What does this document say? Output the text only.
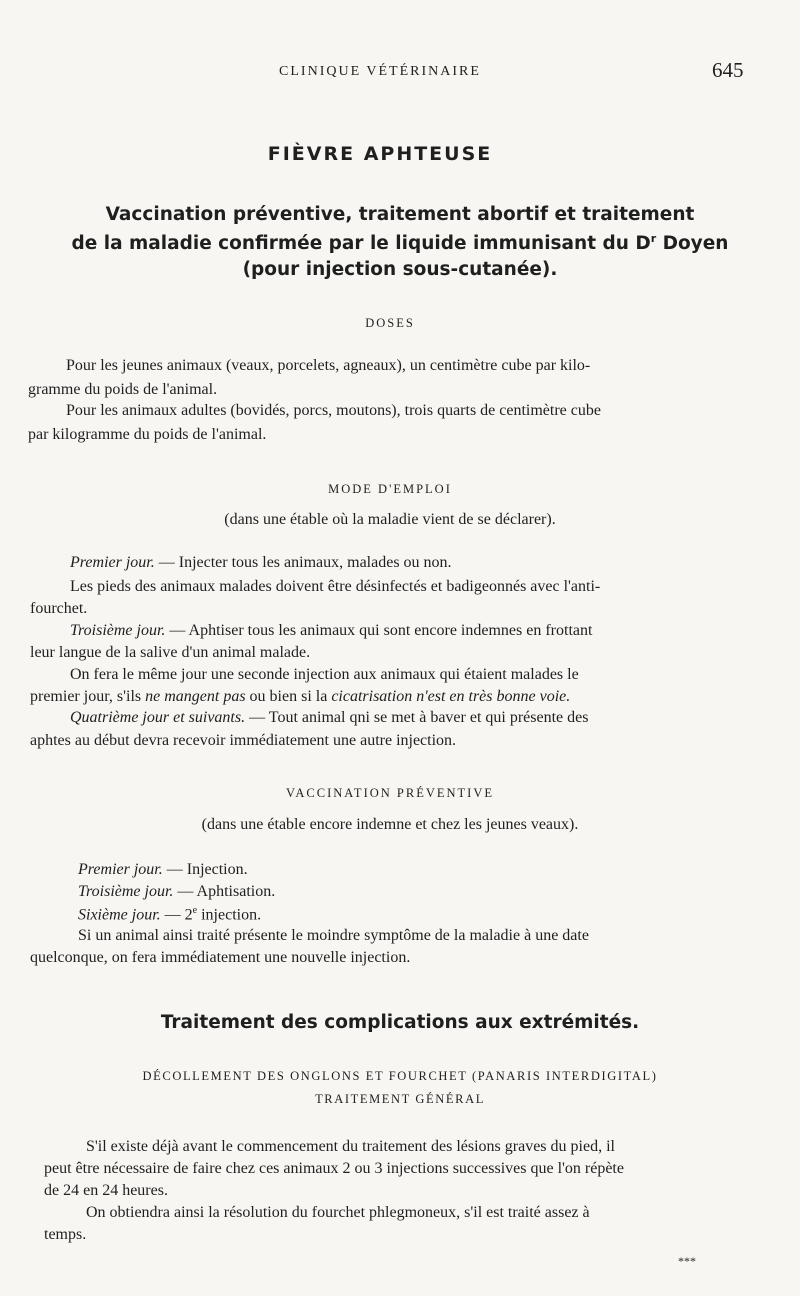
CLINIQUE VÉTÉRINAIRE	645
FIÈVRE APHTEUSE
Vaccination préventive, traitement abortif et traitement
de la maladie confirmée par le liquide immunisant du $D^r$ Doyen
(pour injection sous-cutanée).
DOSES
Pour les jeunes animaux (veaux, porcelets, agneaux), un centimètre cube par kilo-
gramme du poids de l'animal.
Pour les animaux adultes (bovidés, porcs, moutons), trois quarts de centimètre cube
par kilogramme du poids de l'animal.
MODE D'EMPLOI
(dans une étable où la maladie vient de se déclarer).
Premier jour. — Injecter tous les animaux, malades ou non.
Les pieds des animaux malades doivent être désinfectés et badigeonnés avec l'anti-
fourchet.
Troisième jour. — Aphtiser tous les animaux qui sont encore indemnes en frottant
leur langue de la salive d'un animal malade.
On fera le même jour une seconde injection aux animaux qui étaient malades le
premier jour, s'ils ne mangent pas ou bien si la cicatrisation n'est en très bonne voie.
Quatrième jour et suivants. — Tout animal qni se met à baver et qui présente des
aphtes au début devra recevoir immédiatement une autre injection.
VACCINATION PRÉVENTIVE
(dans une étable encore indemne et chez les jeunes veaux).
Premier jour. — Injection.
Troisième jour. — Aphtisation.
Sixième jour. — 2e injection.
Si un animal ainsi traité présente le moindre symptôme de la maladie à une date
quelconque, on fera immédiatement une nouvelle injection.
Traitement des complications aux extrémités.
DÉCOLLEMENT DES ONGLONS ET FOURCHET (PANARIS INTERDIGITAL)
TRAITEMENT GÉNÉRAL
S'il existe déjà avant le commencement du traitement des lésions graves du pied, il
peut être nécessaire de faire chez ces animaux 2 ou 3 injections successives que l'on répète
de 24 en 24 heures.
On obtiendra ainsi la résolution du fourchet phlegmoneux, s'il est traité assez à
temps.
***
